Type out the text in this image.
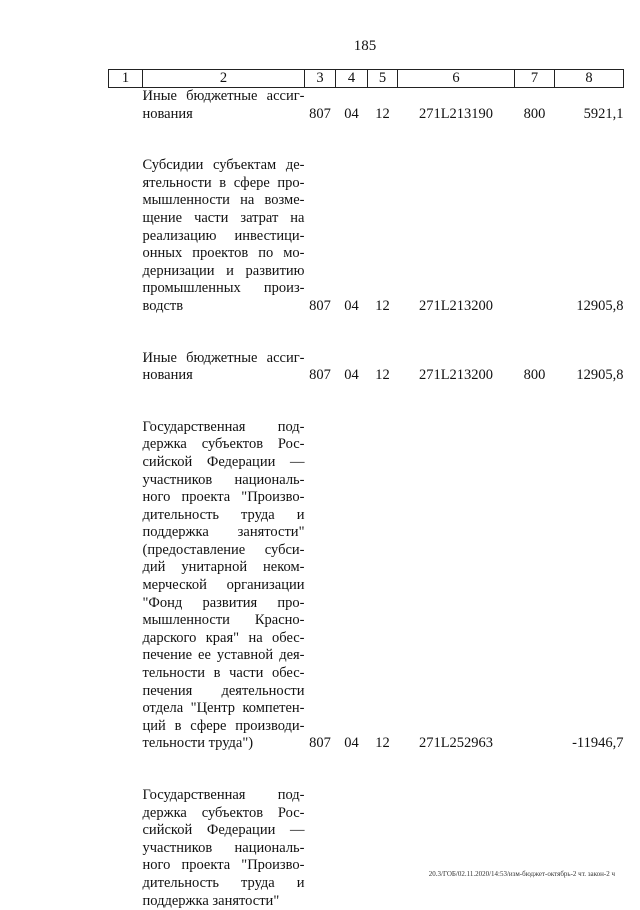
185
1	2	3	4	5	6	7	8
	Иные бюджетные ассиг-нования	807	04	12	271L213190	800	5921,1

	Субсидии субъектам де-ятельности в сфере про-мышленности на возме-щение части затрат на реализацию инвестици-онных проектов по мо-дернизации и развитию промышленных произ-водств	807	04	12	271L213200		12905,8

	Иные бюджетные ассиг-нования	807	04	12	271L213200	800	12905,8

	Государственная под-держка субъектов Рос-сийской Федерации — участников националь-ного проекта "Произво-дительность труда и поддержка занятости" (предоставление субси-дий унитарной неком-мерческой организации "Фонд развития про-мышленности Красно-дарского края" на обес-печение ее уставной дея-тельности в части обес-печения деятельности отдела "Центр компетен-ций в сфере производи-тельности труда")	807	04	12	271L252963		-11946,7

	Государственная под-держка субъектов Рос-сийской Федерации — участников националь-ного проекта "Произво-дительность труда и поддержка занятости"						
20.3/ГОБ/02.11.2020/14:53/изм-бюджет-октябрь-2 чт. закон-2 ч
